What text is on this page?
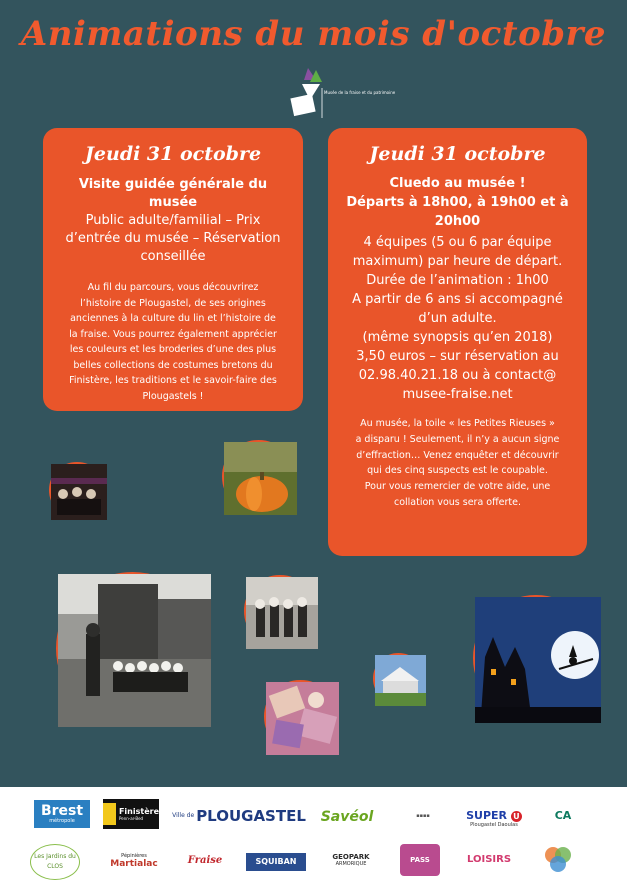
Animations du mois d'octobre
Musée de la fraise et du patrimoine
Jeudi 31 octobre
Visite guidée générale du musée
Public adulte/familial – Prix
d’entrée du musée – Réservation
conseillée
Au fil du parcours, vous découvrirez
l’histoire de Plougastel, de ses origines
anciennes à la culture du lin et l’histoire de
la fraise. Vous pourrez également apprécier
les couleurs et les broderies d’une des plus
belles collections de costumes bretons du
Finistère, les traditions et le savoir-faire des
Plougastels !
Jeudi 31 octobre
Cluedo au musée !
Départs à 18h00, à 19h00 et à
20h00
4 équipes (5 ou 6 par équipe
maximum) par heure de départ.
Durée de l’animation : 1h00
A partir de 6 ans si accompagné
d’un adulte.
(même synopsis qu’en 2018)
3,50 euros – sur réservation au
02.98.40.21.18 ou à contact@
musee-fraise.net
Au musée, la toile « les Petites Rieuses »
a disparu ! Seulement, il n’y a aucun signe
d’effraction… Venez enquêter et découvrir
qui des cinq suspects est le coupable.
Pour vous remercier de votre aide, une
collation vous sera offerte.
Brest
métropole
Finistère
Penn-ar-Bed	Ville de PLOUGASTEL Savéol	▪▪▪▪	SUPER U
Plougastel Daoulas
CA
Les Jardins du CLOS
Pépinières
Martialac	Fraise	SQUIBAN	GEOPARK
ARMORIQUE	PASS	LOISIRS
